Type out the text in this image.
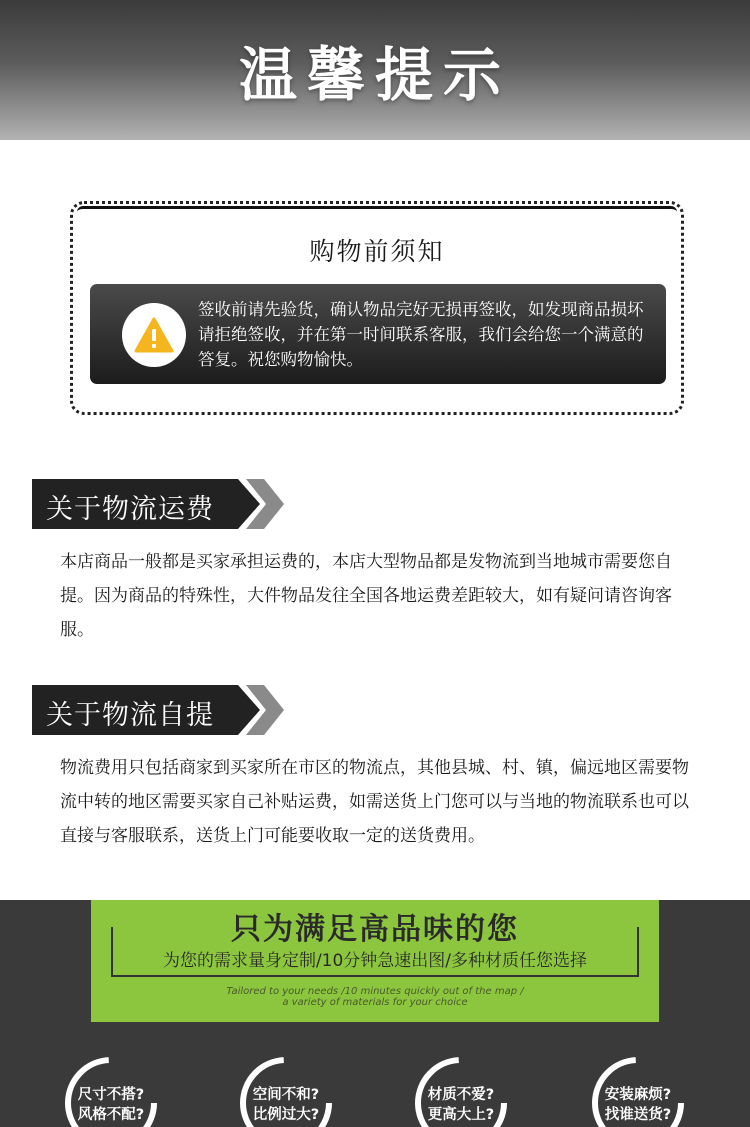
温馨提示
购物前须知
签收前请先验货，确认物品完好无损再签收，如发现商品损坏请拒绝签收，并在第一时间联系客服，我们会给您一个满意的答复。祝您购物愉快。
关于物流运费
本店商品一般都是买家承担运费的，本店大型物品都是发物流到当地城市需要您自提。因为商品的特殊性，大件物品发往全国各地运费差距较大，如有疑问请咨询客服。
关于物流自提
物流费用只包括商家到买家所在市区的物流点，其他县城、村、镇，偏远地区需要物流中转的地区需要买家自己补贴运费，如需送货上门您可以与当地的物流联系也可以直接与客服联系，送货上门可能要收取一定的送货费用。
只为满足高品味的您
为您的需求量身定制/10分钟急速出图/多种材质任您选择
Tailored to your needs /10 minutes quickly out of the map /
a variety of materials for your choice
尺寸不搭?
风格不配?
空间不和?
比例过大?
材质不爱?
更高大上?
安装麻烦?
找谁送货?
